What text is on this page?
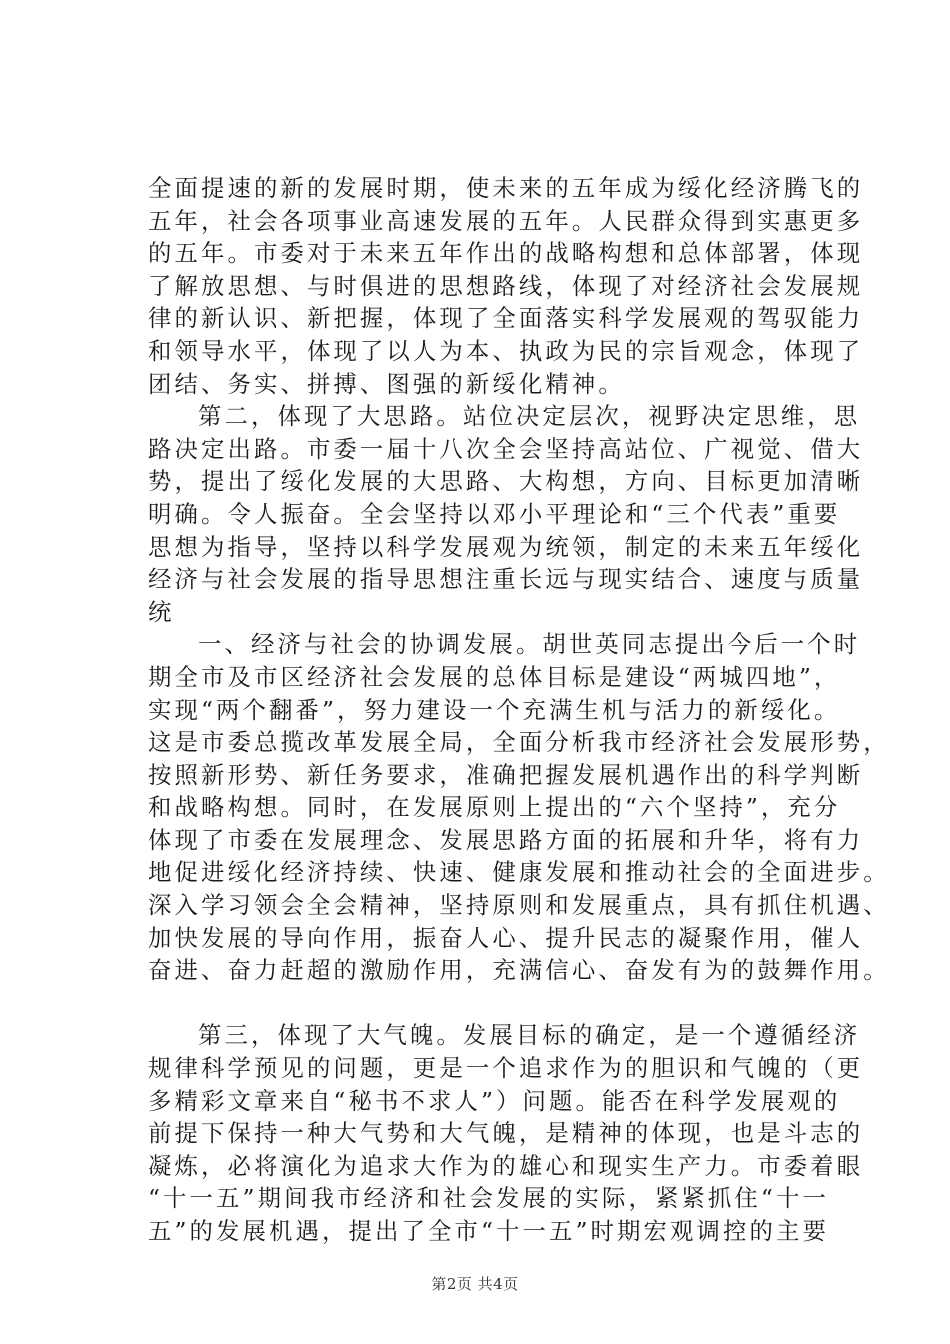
全面提速的新的发展时期，使未来的五年成为绥化经济腾飞的
五年，社会各项事业高速发展的五年。人民群众得到实惠更多
的五年。市委对于未来五年作出的战略构想和总体部署，体现
了解放思想、与时俱进的思想路线，体现了对经济社会发展规
律的新认识、新把握，体现了全面落实科学发展观的驾驭能力
和领导水平，体现了以人为本、执政为民的宗旨观念，体现了
团结、务实、拼搏、图强的新绥化精神。
第二，体现了大思路。站位决定层次，视野决定思维，思
路决定出路。市委一届十八次全会坚持高站位、广视觉、借大
势，提出了绥化发展的大思路、大构想，方向、目标更加清晰
明确。令人振奋。全会坚持以邓小平理论和“三个代表”重要
思想为指导，坚持以科学发展观为统领，制定的未来五年绥化
经济与社会发展的指导思想注重长远与现实结合、速度与质量
统
一、经济与社会的协调发展。胡世英同志提出今后一个时
期全市及市区经济社会发展的总体目标是建设“两城四地”，
实现“两个翻番”，努力建设一个充满生机与活力的新绥化。
这是市委总揽改革发展全局，全面分析我市经济社会发展形势，
按照新形势、新任务要求，准确把握发展机遇作出的科学判断
和战略构想。同时，在发展原则上提出的“六个坚持”，充分
体现了市委在发展理念、发展思路方面的拓展和升华，将有力
地促进绥化经济持续、快速、健康发展和推动社会的全面进步。
深入学习领会全会精神，坚持原则和发展重点，具有抓住机遇、
加快发展的导向作用，振奋人心、提升民志的凝聚作用，催人
奋进、奋力赶超的激励作用，充满信心、奋发有为的鼓舞作用。
第三，体现了大气魄。发展目标的确定，是一个遵循经济
规律科学预见的问题，更是一个追求作为的胆识和气魄的（更
多精彩文章来自“秘书不求人”）问题。能否在科学发展观的
前提下保持一种大气势和大气魄，是精神的体现，也是斗志的
凝炼，必将演化为追求大作为的雄心和现实生产力。市委着眼
“十一五”期间我市经济和社会发展的实际，紧紧抓住“十一
五”的发展机遇，提出了全市“十一五”时期宏观调控的主要
第2页 共4页
